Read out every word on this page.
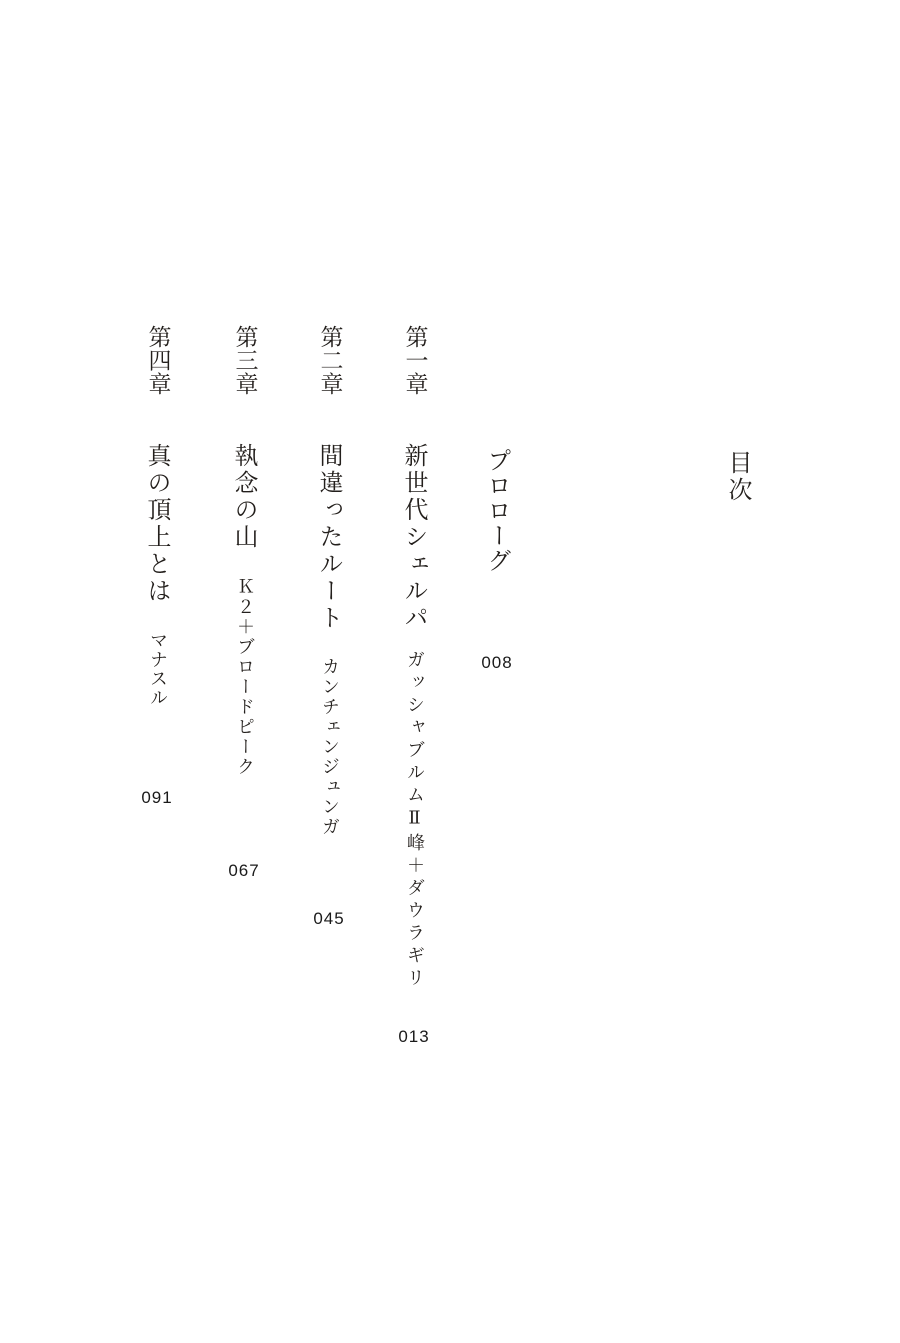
目次
プロローグ
008
第一章
新世代シェルパ
ガッシャブルムⅡ峰＋ダウラギリ
013
第二章
間違ったルート
カンチェンジュンガ
045
第三章
執念の山
Ｋ２＋ブロードピーク
067
第四章
真の頂上とは
マナスル
091
